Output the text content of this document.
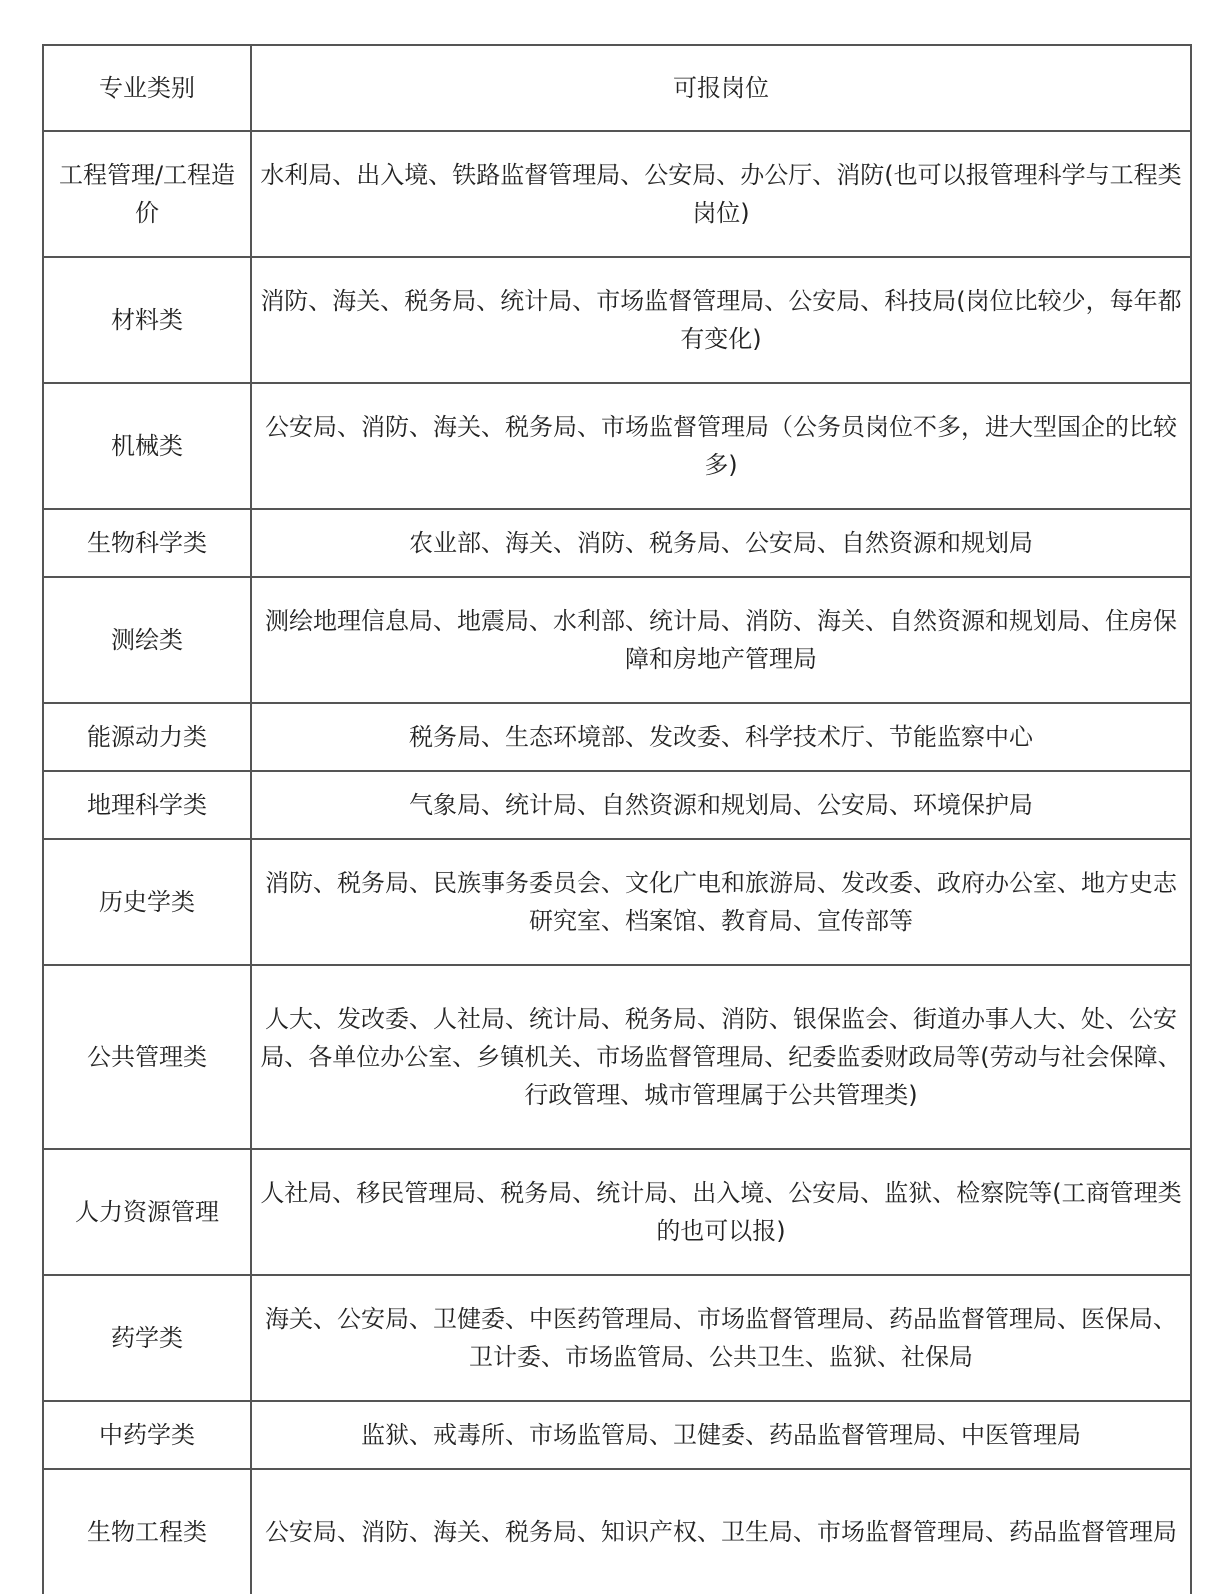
专业类别	可报岗位
工程管理/工程造价	水利局、出入境、铁路监督管理局、公安局、办公厅、消防(也可以报管理科学与工程类岗位)
材料类	消防、海关、税务局、统计局、市场监督管理局、公安局、科技局(岗位比较少，每年都有变化)
机械类	公安局、消防、海关、税务局、市场监督管理局（公务员岗位不多，进大型国企的比较多)
生物科学类	农业部、海关、消防、税务局、公安局、自然资源和规划局
测绘类	测绘地理信息局、地震局、水利部、统计局、消防、海关、自然资源和规划局、住房保障和房地产管理局
能源动力类	税务局、生态环境部、发改委、科学技术厅、节能监察中心
地理科学类	气象局、统计局、自然资源和规划局、公安局、环境保护局
历史学类	消防、税务局、民族事务委员会、文化广电和旅游局、发改委、政府办公室、地方史志研究室、档案馆、教育局、宣传部等
公共管理类	人大、发改委、人社局、统计局、税务局、消防、银保监会、街道办事人大、处、公安局、各单位办公室、乡镇机关、市场监督管理局、纪委监委财政局等(劳动与社会保障、行政管理、城市管理属于公共管理类)
人力资源管理	人社局、移民管理局、税务局、统计局、出入境、公安局、监狱、检察院等(工商管理类的也可以报)
药学类	海关、公安局、卫健委、中医药管理局、市场监督管理局、药品监督管理局、医保局、卫计委、市场监管局、公共卫生、监狱、社保局
中药学类	监狱、戒毒所、市场监管局、卫健委、药品监督管理局、中医管理局
生物工程类	公安局、消防、海关、税务局、知识产权、卫生局、市场监督管理局、药品监督管理局
